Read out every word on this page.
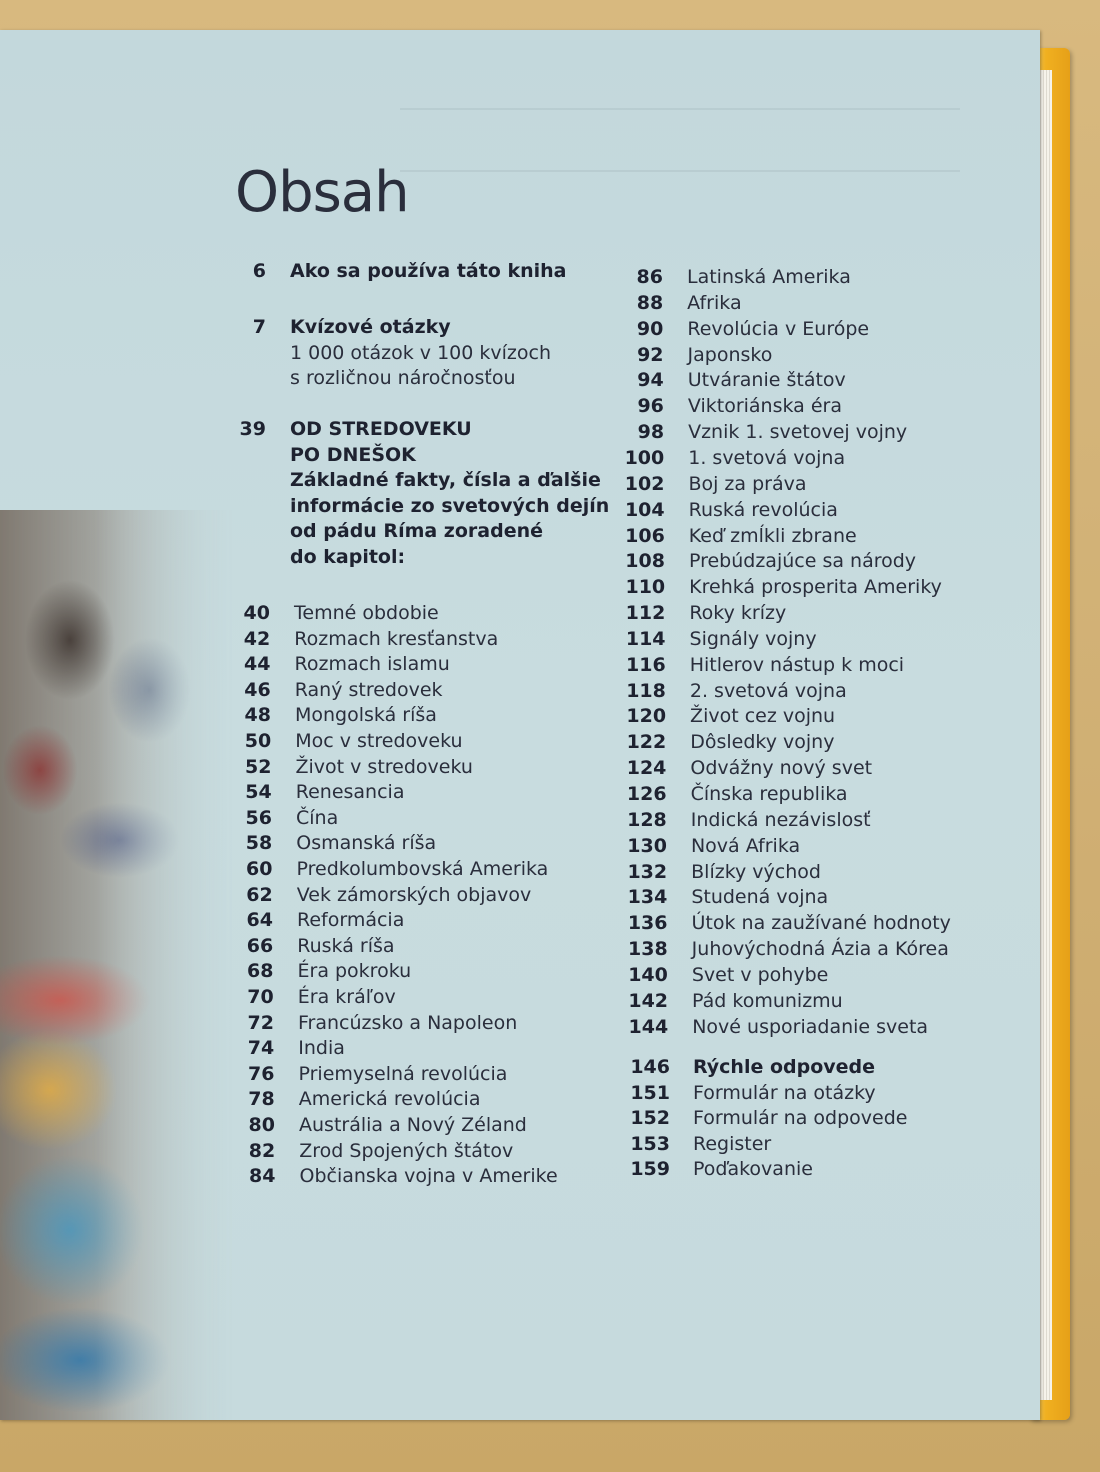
Obsah
6 Ako sa používa táto kniha
7 Kvízové otázky
1 000 otázok v 100 kvízoch
s rozličnou náročnosťou
39 OD STREDOVEKU
PO DNEŠOK
Základné fakty, čísla a ďalšie
informácie zo svetových dejín
od pádu Ríma zoradené
do kapitol:
40 Temné obdobie
42 Rozmach kresťanstva
44 Rozmach islamu
46 Raný stredovek
48 Mongolská ríša
50 Moc v stredoveku
52 Život v stredoveku
54 Renesancia
56 Čína
58 Osmanská ríša
60 Predkolumbovská Amerika
62 Vek zámorských objavov
64 Reformácia
66 Ruská ríša
68 Éra pokroku
70 Éra kráľov
72 Francúzsko a Napoleon
74 India
76 Priemyselná revolúcia
78 Americká revolúcia
80 Austrália a Nový Zéland
82 Zrod Spojených štátov
84 Občianska vojna v Amerike
86 Latinská Amerika
88 Afrika
90 Revolúcia v Európe
92 Japonsko
94 Utváranie štátov
96 Viktoriánska éra
98 Vznik 1. svetovej vojny
100 1. svetová vojna
102 Boj za práva
104 Ruská revolúcia
106 Keď zmĺkli zbrane
108 Prebúdzajúce sa národy
110 Krehká prosperita Ameriky
112 Roky krízy
114 Signály vojny
116 Hitlerov nástup k moci
118 2. svetová vojna
120 Život cez vojnu
122 Dôsledky vojny
124 Odvážny nový svet
126 Čínska republika
128 Indická nezávislosť
130 Nová Afrika
132 Blízky východ
134 Studená vojna
136 Útok na zaužívané hodnoty
138 Juhovýchodná Ázia a Kórea
140 Svet v pohybe
142 Pád komunizmu
144 Nové usporiadanie sveta
146 Rýchle odpovede
151 Formulár na otázky
152 Formulár na odpovede
153 Register
159 Poďakovanie
